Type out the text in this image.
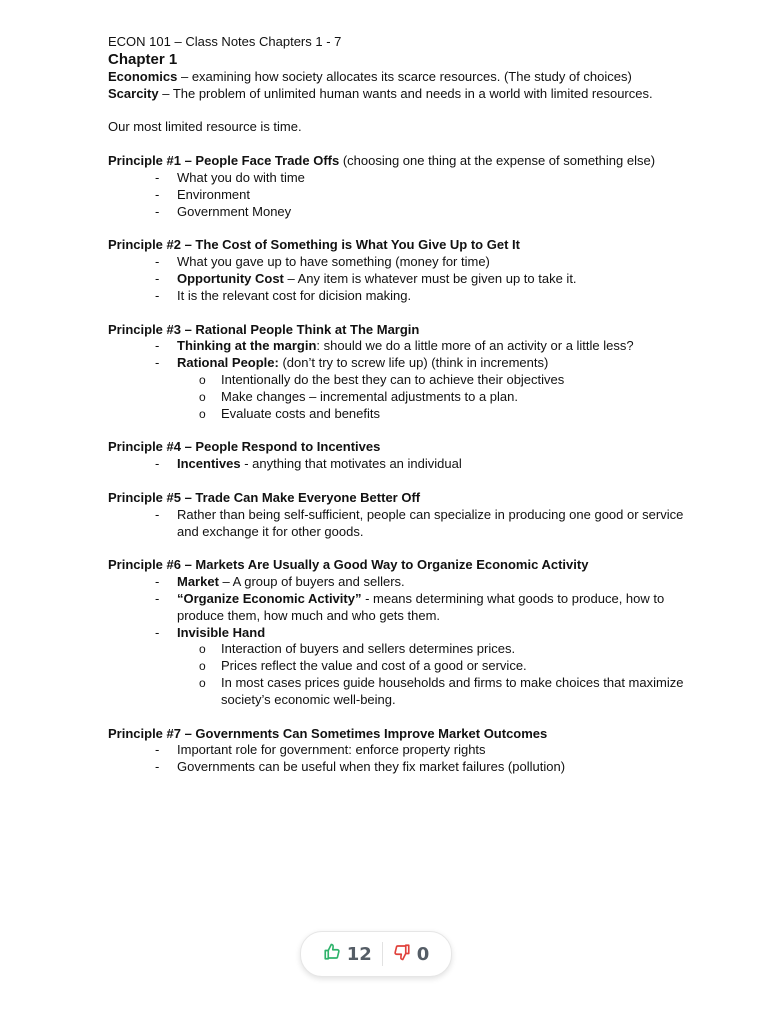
ECON 101 – Class Notes Chapters 1 - 7

Chapter 1

Economics – examining how society allocates its scarce resources. (The study of choices)

Scarcity – The problem of unlimited human wants and needs in a world with limited resources.

Our most limited resource is time.

Principle #1 – People Face Trade Offs (choosing one thing at the expense of something else)

- What you do with time
- Environment
- Government Money

Principle #2 – The Cost of Something is What You Give Up to Get It

- What you gave up to have something (money for time)
- Opportunity Cost – Any item is whatever must be given up to take it.
- It is the relevant cost for dicision making.

Principle #3 – Rational People Think at The Margin

- Thinking at the margin: should we do a little more of an activity or a little less?
- Rational People: (don’t try to screw life up) (think in increments)
o Intentionally do the best they can to achieve their objectives
o Make changes – incremental adjustments to a plan.
o Evaluate costs and benefits

Principle #4 – People Respond to Incentives

- Incentives - anything that motivates an individual

Principle #5 – Trade Can Make Everyone Better Off

- Rather than being self-sufficient, people can specialize in producing one good or service and exchange it for other goods.

Principle #6 – Markets Are Usually a Good Way to Organize Economic Activity

- Market – A group of buyers and sellers.
- “Organize Economic Activity” - means determining what goods to produce, how to produce them, how much and who gets them.
- Invisible Hand
o Interaction of buyers and sellers determines prices.
o Prices reflect the value and cost of a good or service.
o In most cases prices guide households and firms to make choices that maximize society’s economic well-being.

Principle #7 – Governments Can Sometimes Improve Market Outcomes

- Important role for government: enforce property rights
- Governments can be useful when they fix market failures (pollution)
12	0
